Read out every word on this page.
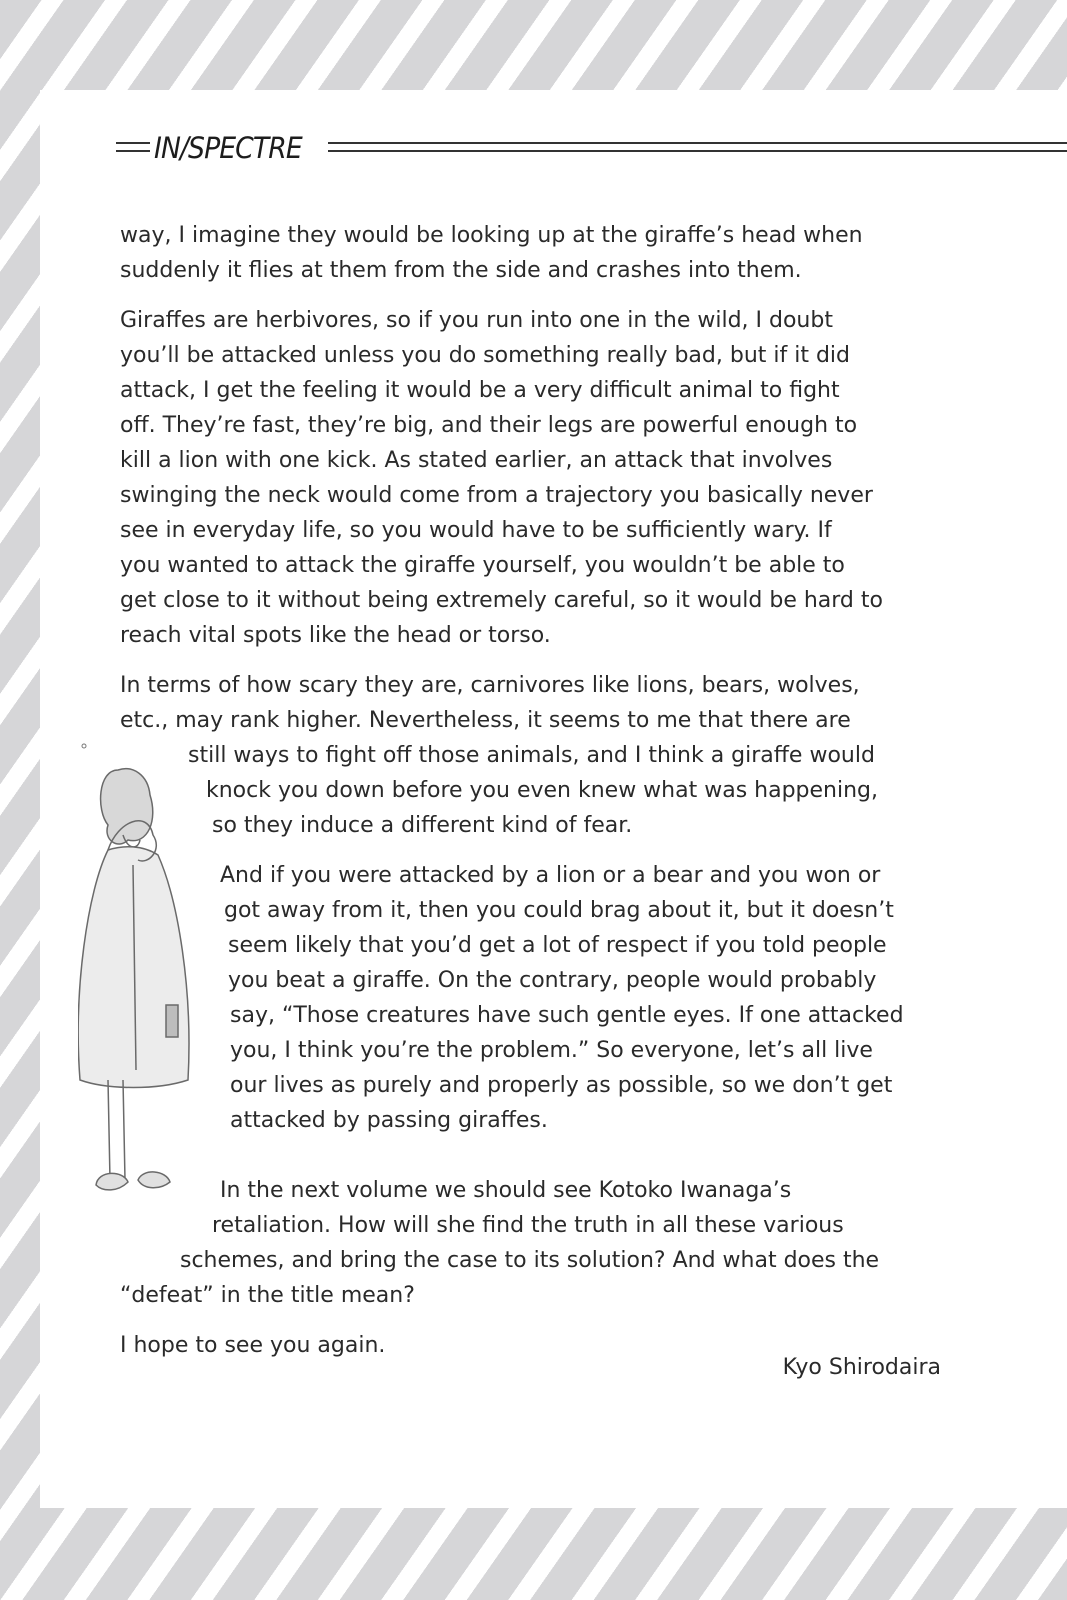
IN/SPECTRE
way, I imagine they would be looking up at the giraffe’s head when
suddenly it flies at them from the side and crashes into them.
Giraffes are herbivores, so if you run into one in the wild, I doubt
you’ll be attacked unless you do something really bad, but if it did
attack, I get the feeling it would be a very difficult animal to fight
off. They’re fast, they’re big, and their legs are powerful enough to
kill a lion with one kick. As stated earlier, an attack that involves
swinging the neck would come from a trajectory you basically never
see in everyday life, so you would have to be sufficiently wary. If
you wanted to attack the giraffe yourself, you wouldn’t be able to
get close to it without being extremely careful, so it would be hard to
reach vital spots like the head or torso.
In terms of how scary they are, carnivores like lions, bears, wolves,
etc., may rank higher. Nevertheless, it seems to me that there are
still ways to fight off those animals, and I think a giraffe would
knock you down before you even knew what was happening,
so they induce a different kind of fear.
And if you were attacked by a lion or a bear and you won or
got away from it, then you could brag about it, but it doesn’t
seem likely that you’d get a lot of respect if you told people
you beat a giraffe. On the contrary, people would probably
say, “Those creatures have such gentle eyes. If one attacked
you, I think you’re the problem.” So everyone, let’s all live
our lives as purely and properly as possible, so we don’t get
attacked by passing giraffes.
In the next volume we should see Kotoko Iwanaga’s
retaliation. How will she find the truth in all these various
schemes, and bring the case to its solution? And what does the
“defeat” in the title mean?
I hope to see you again.
Kyo Shirodaira
